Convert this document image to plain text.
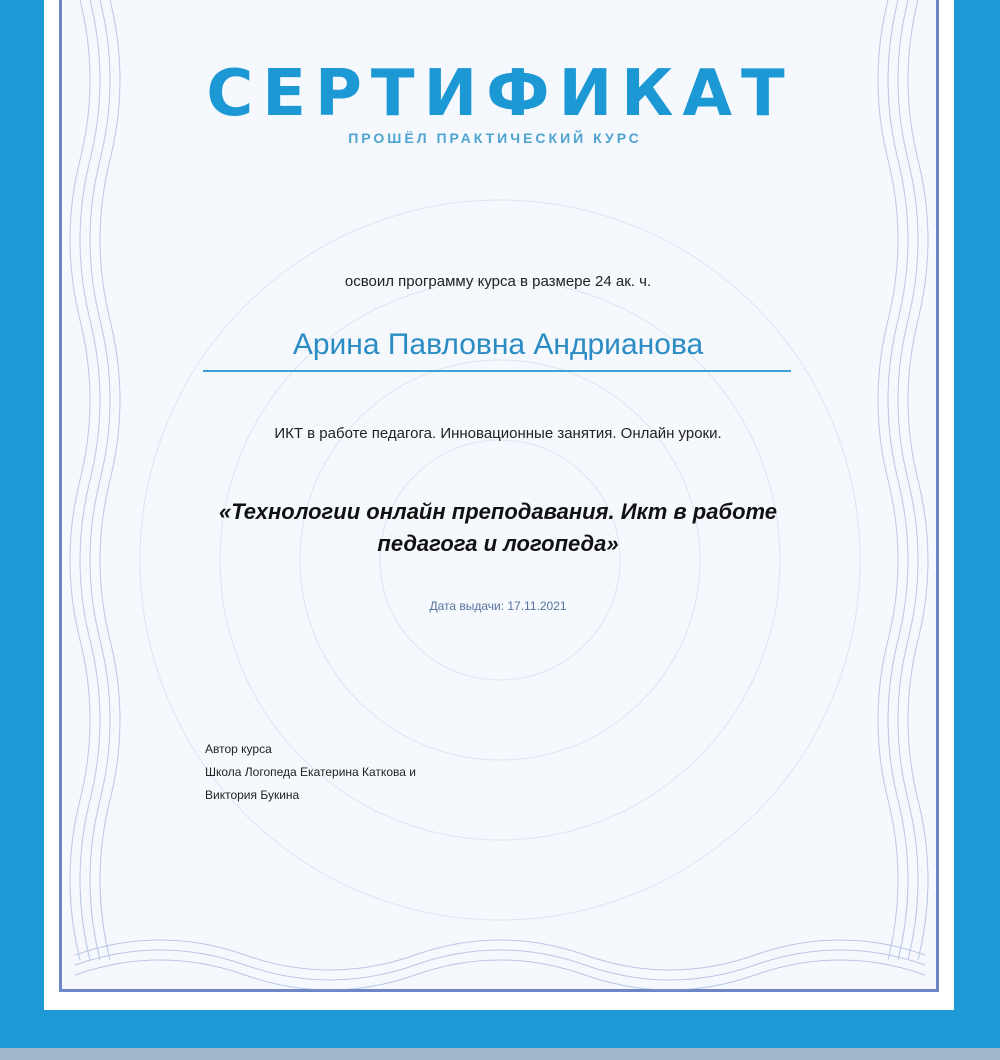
СЕРТИФИКАТ
ПРОШЁЛ ПРАКТИЧЕСКИЙ КУРС
освоил программу курса в размере 24 ак. ч.
Арина Павловна Андрианова
ИКТ в работе педагога. Инновационные занятия. Онлайн уроки.
«Технологии онлайн преподавания. Икт в работе
педагога и логопеда»
Дата выдачи: 17.11.2021
Автор курса
Школа Логопеда Екатерина Каткова и
Виктория Букина
